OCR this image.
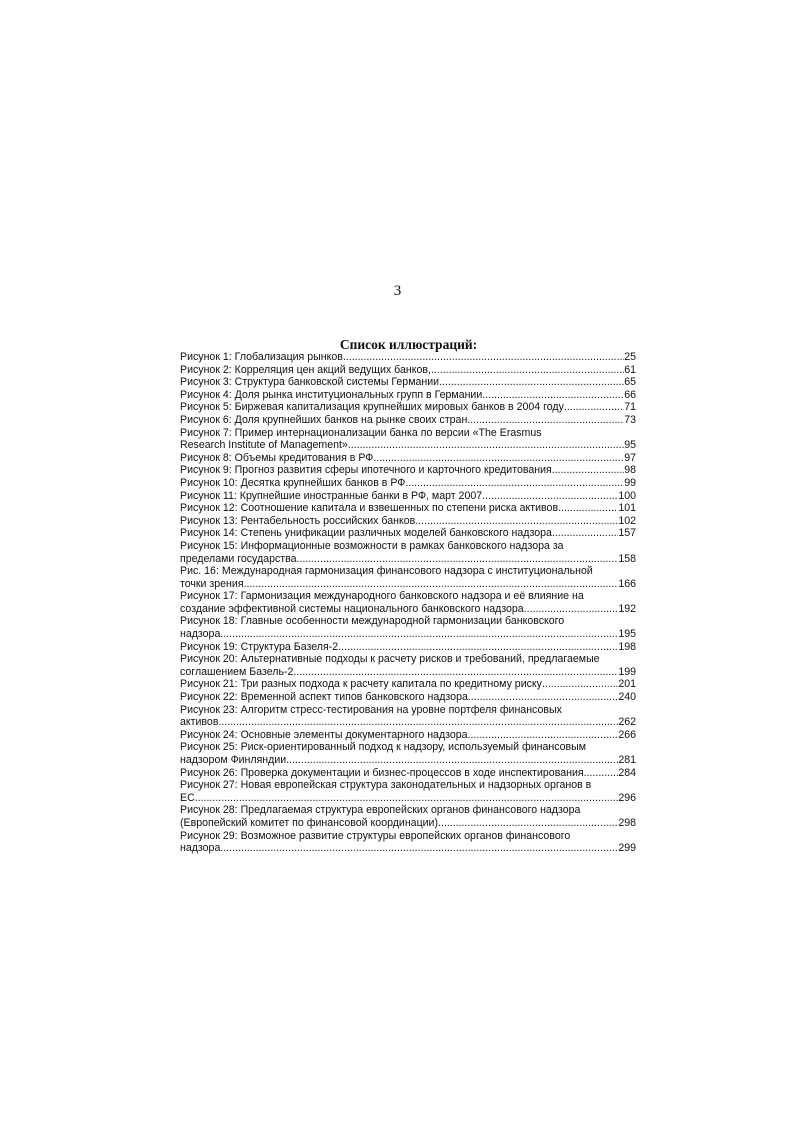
3
Список иллюстраций:
Рисунок 1: Глобализация рынков .....	25
Рисунок 2: Корреляция цен акций ведущих банков, .....	61
Рисунок 3: Структура банковской системы Германии .....	65
Рисунок 4: Доля рынка институциональных групп в Германии .....	66
Рисунок 5: Биржевая капитализация крупнейших мировых банков в 2004 году .....	71
Рисунок 6: Доля крупнейших банков на рынке своих стран .....	73
Рисунок 7: Пример интернационализации банка по версии «The Erasmus
Research Institute of Management» .....	95
Рисунок 8: Объемы кредитования в РФ .....	97
Рисунок 9: Прогноз развития сферы ипотечного и карточного кредитования .....	98
Рисунок 10: Десятка крупнейших банков в РФ .....	99
Рисунок 11: Крупнейшие иностранные банки в РФ, март 2007 .....	100
Рисунок 12: Соотношение капитала и взвешенных по степени риска активов .....	101
Рисунок 13: Рентабельность российских банков .....	102
Рисунок 14: Степень унификации различных моделей банковского надзора .....	157
Рисунок 15: Информационные возможности в рамках банковского надзора за
пределами государства .....	158
Рис. 16: Международная гармонизация финансового надзора с институциональной
точки зрения .....	166
Рисунок 17: Гармонизация международного банковского надзора и её влияние на
создание эффективной системы национального банковского надзора .....	192
Рисунок 18: Главные особенности международной гармонизации банковского
надзора .....	195
Рисунок 19: Структура Базеля-2. .....	198
Рисунок 20: Альтернативные подходы к расчету рисков и требований, предлагаемые
соглашением Базель-2 .....	199
Рисунок 21: Три разных подхода к расчету капитала по кредитному риску .....	201
Рисунок 22: Временной аспект типов банковского надзора .....	240
Рисунок 23: Алгоритм стресс-тестирования на уровне портфеля финансовых
активов. .....	262
Рисунок 24: Основные элементы документарного надзора .....	266
Рисунок 25: Риск-ориентированный подход к надзору, используемый финансовым
надзором Финляндии .....	281
Рисунок 26: Проверка документации и бизнес-процессов в ходе инспектирования .....	284
Рисунок 27: Новая европейская структура законодательных и надзорных органов в
ЕС .....	296
Рисунок 28: Предлагаемая структура европейских органов финансового надзора
(Европейский комитет по финансовой координации) .....	298
Рисунок 29: Возможное развитие структуры европейских органов финансового
надзора .....	299
